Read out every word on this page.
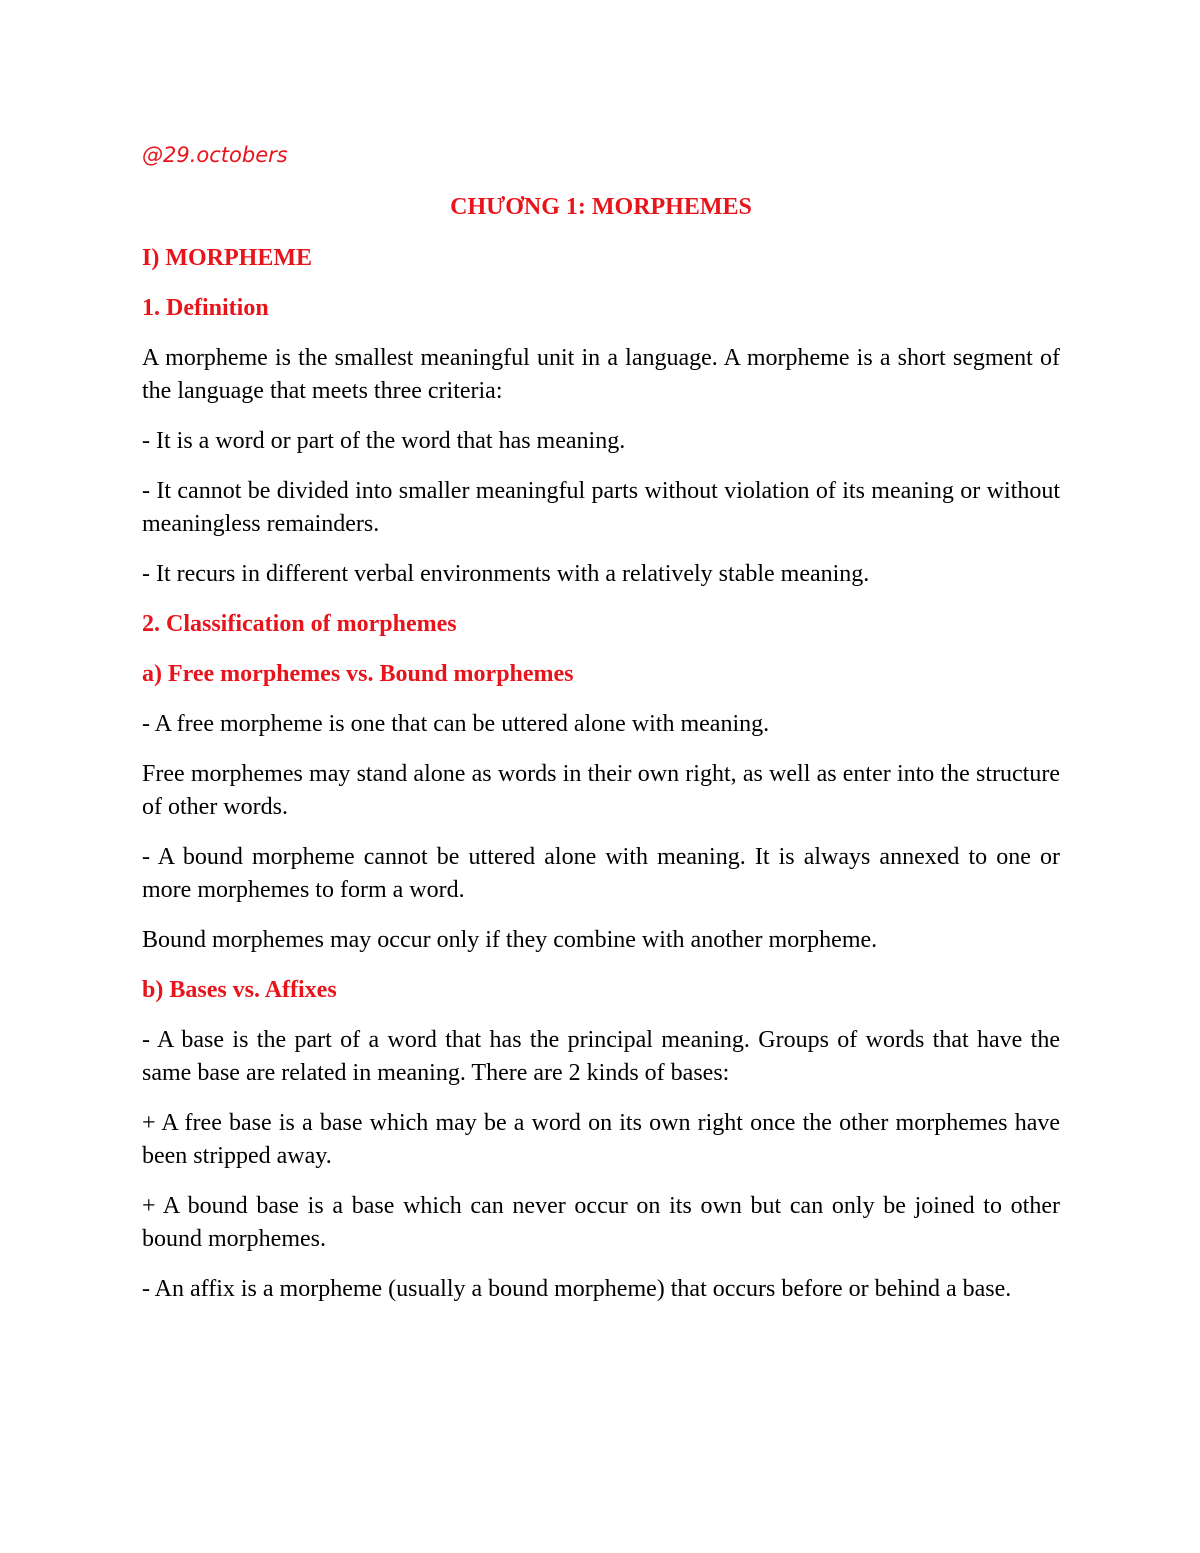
@29.octobers

CHƯƠNG 1: MORPHEMES

I) MORPHEME

1. Definition

A morpheme is the smallest meaningful unit in a language. A morpheme is a short segment of the language that meets three criteria:

- It is a word or part of the word that has meaning.

- It cannot be divided into smaller meaningful parts without violation of its meaning or without meaningless remainders.

- It recurs in different verbal environments with a relatively stable meaning.

2. Classification of morphemes

a) Free morphemes vs. Bound morphemes

- A free morpheme is one that can be uttered alone with meaning.

Free morphemes may stand alone as words in their own right, as well as enter into the structure of other words.

- A bound morpheme cannot be uttered alone with meaning. It is always annexed to one or more morphemes to form a word.

Bound morphemes may occur only if they combine with another morpheme.

b) Bases vs. Affixes

- A base is the part of a word that has the principal meaning. Groups of words that have the same base are related in meaning. There are 2 kinds of bases:

+ A free base is a base which may be a word on its own right once the other morphemes have been stripped away.

+ A bound base is a base which can never occur on its own but can only be joined to other bound morphemes.

- An affix is a morpheme (usually a bound morpheme) that occurs before or behind a base.
